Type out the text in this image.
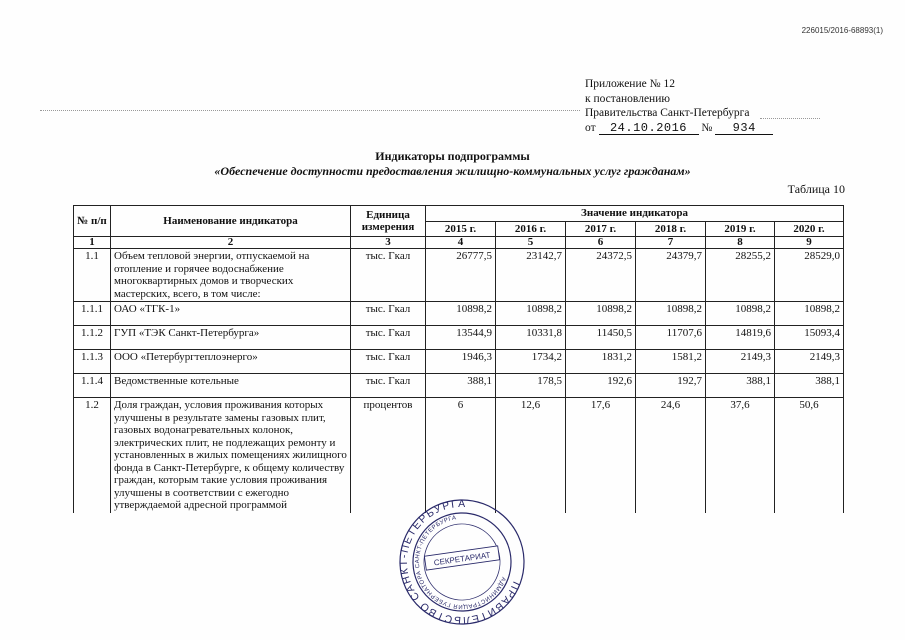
226015/2016-68893(1)
Приложение № 12
к постановлению
Правительства Санкт-Петербурга
от 24.10.2016 № 934
Индикаторы подпрограммы
«Обеспечение доступности предоставления жилищно-коммунальных услуг гражданам»
Таблица 10
№ п/п	Наименование индикатора	Единица измерения	Значение индикатора					
			2015 г.	2016 г.	2017 г.	2018 г.	2019 г.	2020 г.
1	2	3	4	5	6	7	8	9
1.1	Объем тепловой энергии, отпускаемой на отопление и горячее водоснабжение многоквартирных домов и творческих мастерских, всего, в том числе:	тыс. Гкал	26777,5	23142,7	24372,5	24379,7	28255,2	28529,0
1.1.1	ОАО «ТГК-1»	тыс. Гкал	10898,2	10898,2	10898,2	10898,2	10898,2	10898,2
1.1.2	ГУП «ТЭК Санкт-Петербурга»	тыс. Гкал	13544,9	10331,8	11450,5	11707,6	14819,6	15093,4
1.1.3	ООО «Петербургтеплоэнерго»	тыс. Гкал	1946,3	1734,2	1831,2	1581,2	2149,3	2149,3
1.1.4	Ведомственные котельные	тыс. Гкал	388,1	178,5	192,6	192,7	388,1	388,1
1.2	Доля граждан, условия проживания которых улучшены в результате замены газовых плит, газовых водонагревательных колонок, электрических плит, не подлежащих ремонту и установленных в жилых помещениях жилищного фонда в Санкт-Петербурге, к общему количеству граждан, которым такие условия проживания улучшены в соответствии с ежегодно утверждаемой адресной программой	процентов	6	12,6	17,6	24,6	37,6	50,6
ПРАВИТЕЛЬСТВО САНКТ-ПЕТЕРБУРГА
АДМИНИСТРАЦИЯ ГУБЕРНАТОРА САНКТ-ПЕТЕРБУРГА
СЕКРЕТАРИАТ
